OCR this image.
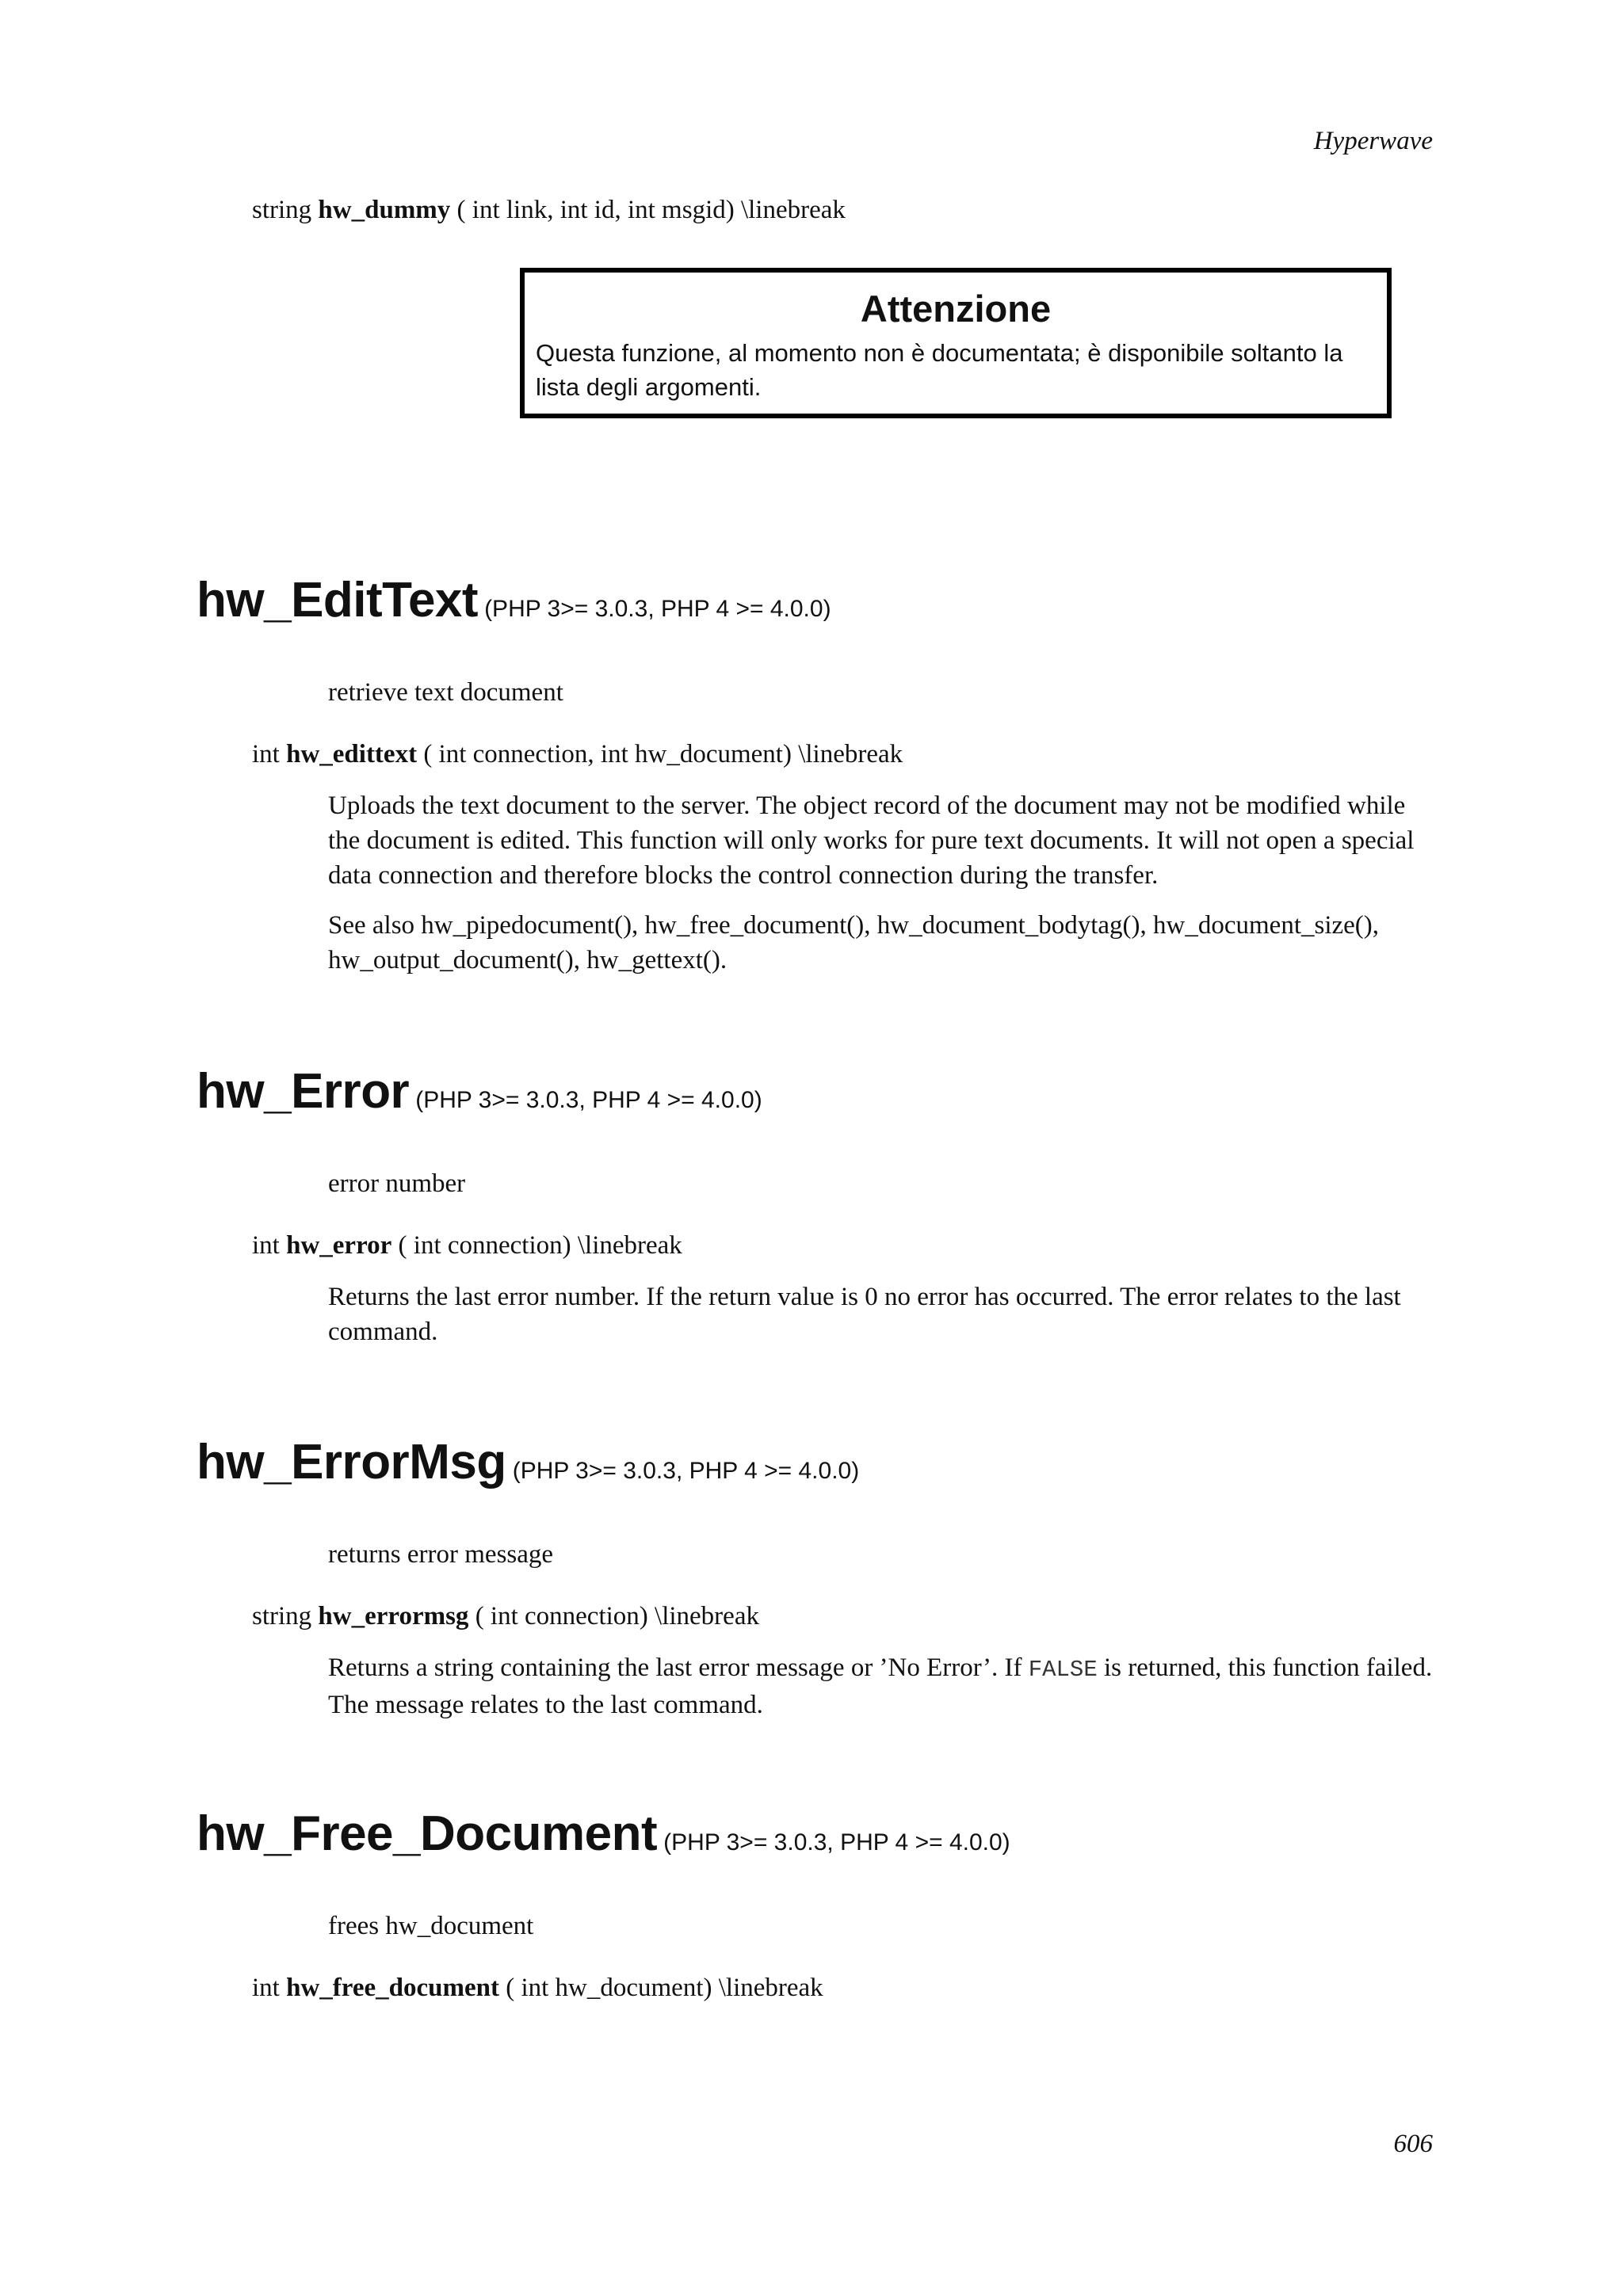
Hyperwave
string hw_dummy ( int link, int id, int msgid) \linebreak
Attenzione
Questa funzione, al momento non è documentata; è disponibile soltanto la
lista degli argomenti.
hw_EditText (PHP 3>= 3.0.3, PHP 4 >= 4.0.0)
retrieve text document
int hw_edittext ( int connection, int hw_document) \linebreak
Uploads the text document to the server. The object record of the document may not be modified while the document is edited. This function will only works for pure text documents. It will not open a special data connection and therefore blocks the control connection during the transfer.
See also hw_pipedocument(), hw_free_document(), hw_document_bodytag(), hw_document_size(), hw_output_document(), hw_gettext().
hw_Error (PHP 3>= 3.0.3, PHP 4 >= 4.0.0)
error number
int hw_error ( int connection) \linebreak
Returns the last error number. If the return value is 0 no error has occurred. The error relates to the last command.
hw_ErrorMsg (PHP 3>= 3.0.3, PHP 4 >= 4.0.0)
returns error message
string hw_errormsg ( int connection) \linebreak
Returns a string containing the last error message or ’No Error’. If FALSE is returned, this function failed. The message relates to the last command.
hw_Free_Document (PHP 3>= 3.0.3, PHP 4 >= 4.0.0)
frees hw_document
int hw_free_document ( int hw_document) \linebreak
606
